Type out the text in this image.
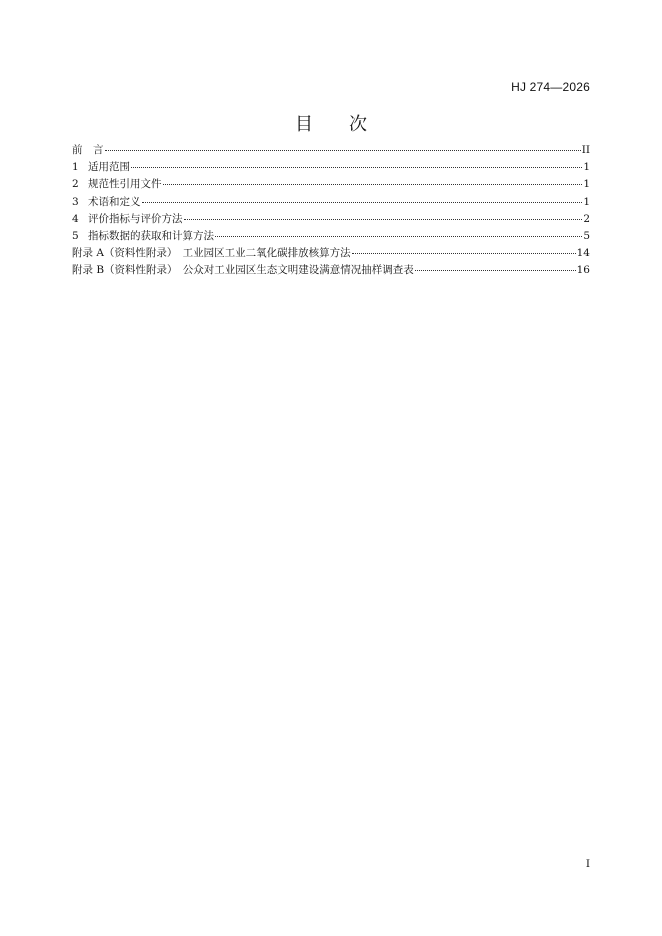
HJ 274—2026
目　　次
前　言	II
1 适用范围	1
2 规范性引用文件	1
3 术语和定义	1
4 评价指标与评价方法	2
5 指标数据的获取和计算方法	5
附录 A（资料性附录）　工业园区工业二氧化碳排放核算方法	14
附录 B（资料性附录）　公众对工业园区生态文明建设满意情况抽样调查表	16
I
